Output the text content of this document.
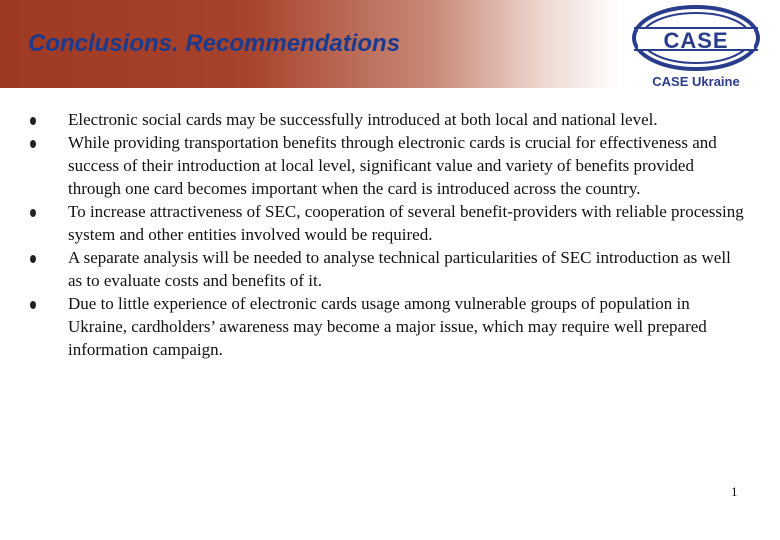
Conclusions. Recommendations	CASE
CASE Ukraine
Electronic social cards may be successfully introduced at both local and national level.
While providing transportation benefits through electronic cards is crucial for effectiveness and success of their introduction at local level, significant value and variety of benefits provided through one card becomes important when the card is introduced across the country.
To increase attractiveness of SEC, cooperation of several benefit-providers with reliable processing system and other entities involved would be required.
A separate analysis will be needed to analyse technical particularities of SEC introduction as well as to evaluate costs and benefits of it.
Due to little experience of electronic cards usage among vulnerable groups of population in Ukraine, cardholders’ awareness may become a major issue, which may require well prepared information campaign.
1
